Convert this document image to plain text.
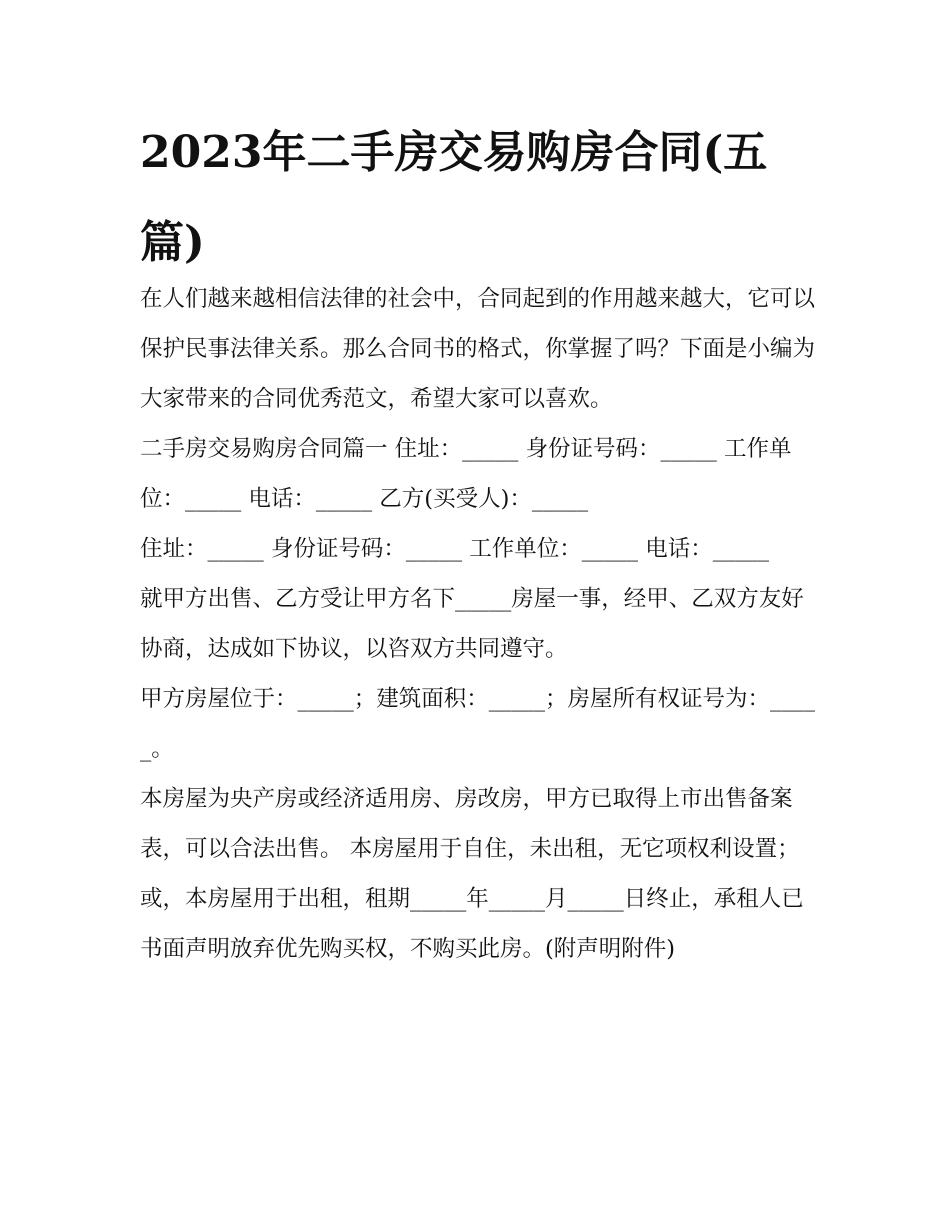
2023年二手房交易购房合同(五篇)

在人们越来越相信法律的社会中，合同起到的作用越来越大，它可以保护民事法律关系。那么合同书的格式，你掌握了吗？下面是小编为大家带来的合同优秀范文，希望大家可以喜欢。

二手房交易购房合同篇一 住址：_____ 身份证号码：_____ 工作单位：_____ 电话：_____ 乙方(买受人)：_____

住址：_____ 身份证号码：_____ 工作单位：_____ 电话：_____

就甲方出售、乙方受让甲方名下_____房屋一事，经甲、乙双方友好协商，达成如下协议，以咨双方共同遵守。

甲方房屋位于：_____；建筑面积：_____；房屋所有权证号为：_____。

本房屋为央产房或经济适用房、房改房，甲方已取得上市出售备案表，可以合法出售。 本房屋用于自住，未出租，无它项权利设置；

或，本房屋用于出租，租期_____年_____月_____日终止，承租人已书面声明放弃优先购买权，不购买此房。(附声明附件)
